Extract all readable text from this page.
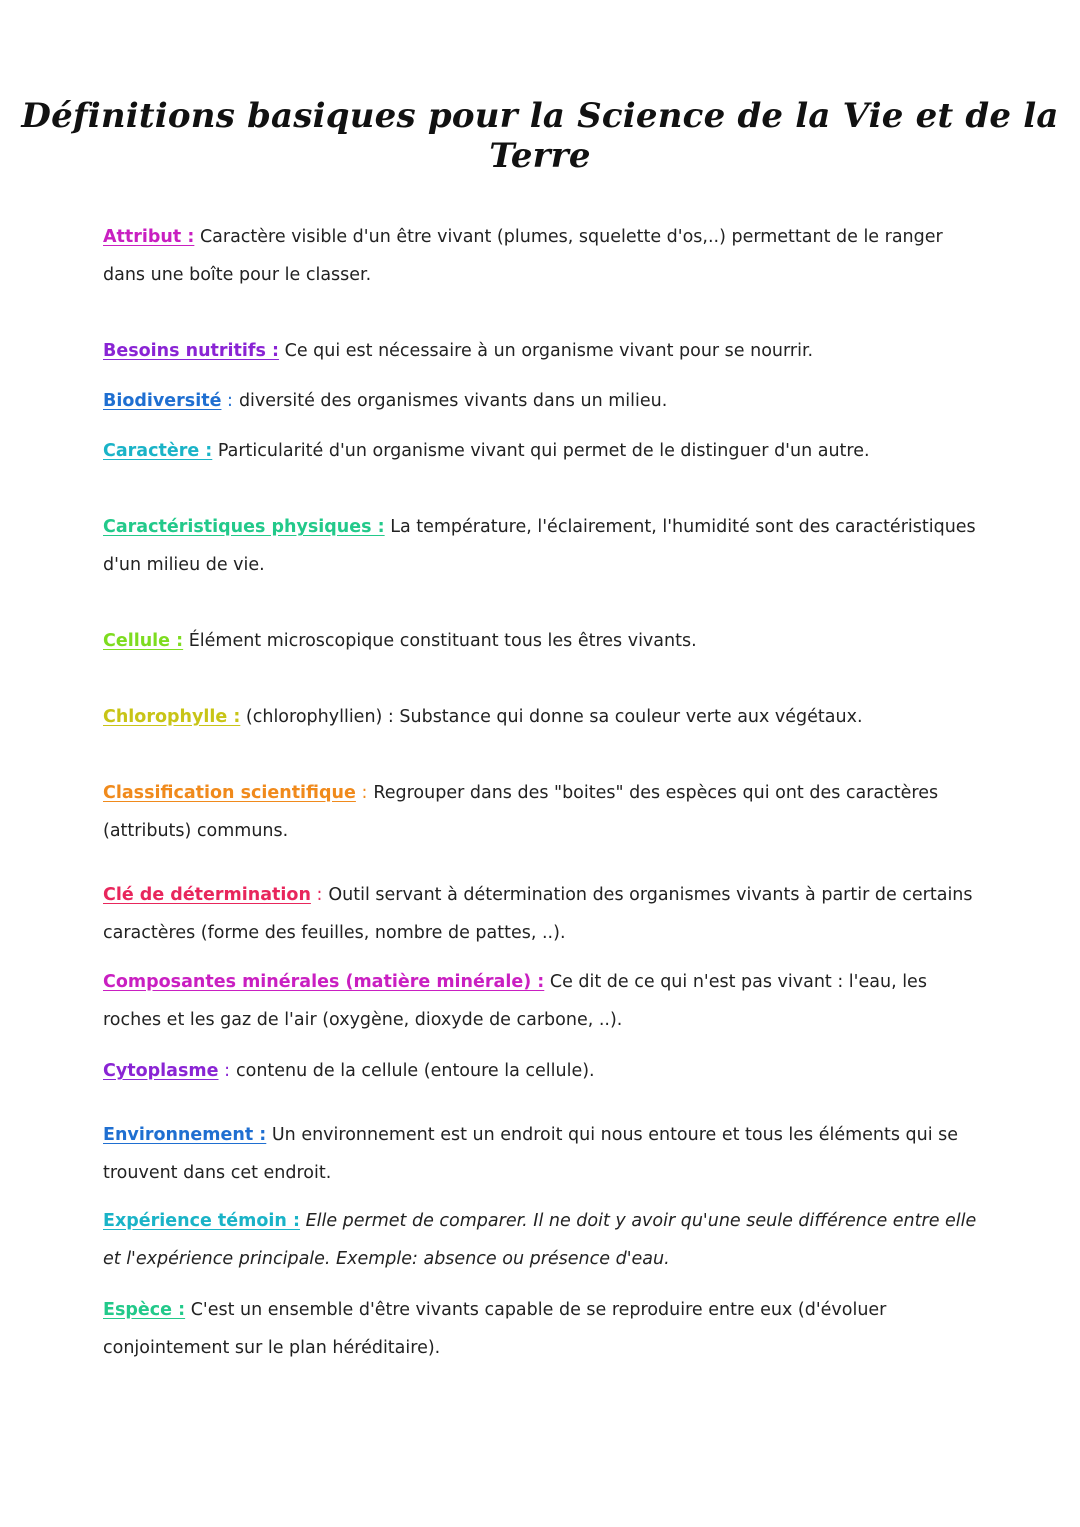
Définitions basiques pour la Science de la Vie et de la Terre
Attribut : Caractère visible d'un être vivant (plumes, squelette d'os,..) permettant de le ranger dans une boîte pour le classer.
Besoins nutritifs : Ce qui est nécessaire à un organisme vivant pour se nourrir.
Biodiversité : diversité des organismes vivants dans un milieu.
Caractère : Particularité d'un organisme vivant qui permet de le distinguer d'un autre.
Caractéristiques physiques : La température, l'éclairement, l'humidité sont des caractéristiques d'un milieu de vie.
Cellule : Élément microscopique constituant tous les êtres vivants.
Chlorophylle : (chlorophyllien) : Substance qui donne sa couleur verte aux végétaux.
Classification scientifique : Regrouper dans des "boites" des espèces qui ont des caractères (attributs) communs.
Clé de détermination : Outil servant à détermination des organismes vivants à partir de certains caractères (forme des feuilles, nombre de pattes, ..).
Composantes minérales (matière minérale) : Ce dit de ce qui n'est pas vivant : l'eau, les roches et les gaz de l'air (oxygène, dioxyde de carbone, ..).
Cytoplasme : contenu de la cellule (entoure la cellule).
Environnement : Un environnement est un endroit qui nous entoure et tous les éléments qui se trouvent dans cet endroit.
Expérience témoin : Elle permet de comparer. Il ne doit y avoir qu'une seule différence entre elle et l'expérience principale. Exemple: absence ou présence d'eau.
Espèce : C'est un ensemble d'être vivants capable de se reproduire entre eux (d'évoluer conjointement sur le plan héréditaire).
